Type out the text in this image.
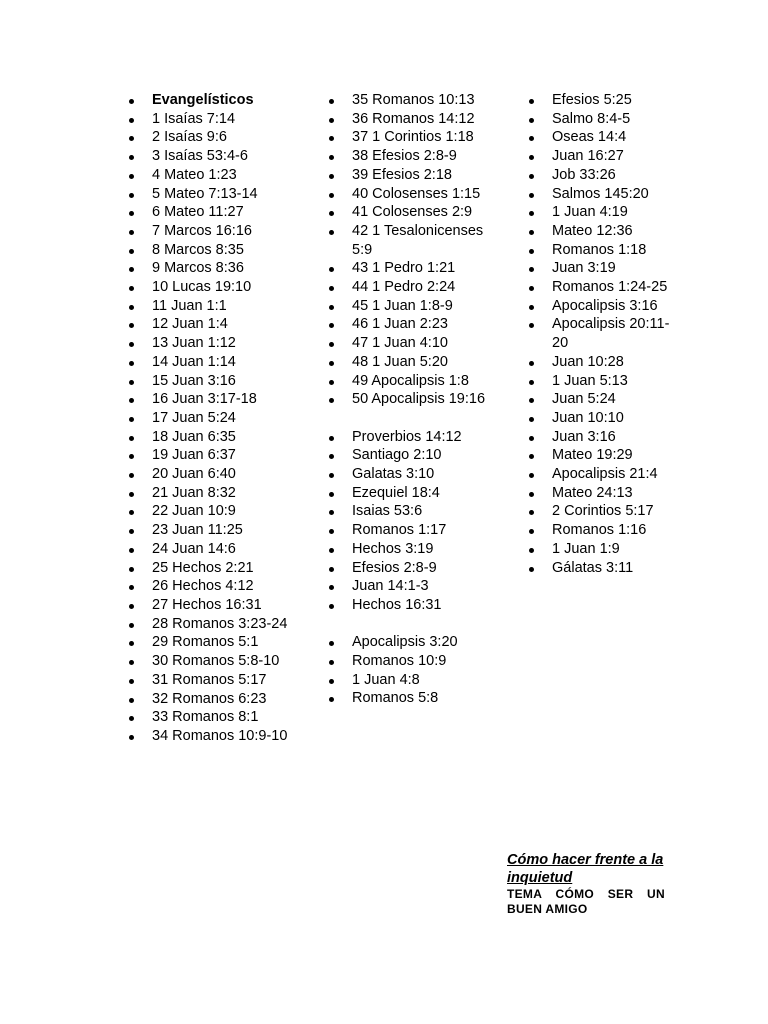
Evangelísticos
1 Isaías 7:14
2 Isaías 9:6
3 Isaías 53:4-6
4 Mateo 1:23
5 Mateo 7:13-14
6 Mateo 11:27
7 Marcos 16:16
8 Marcos 8:35
9 Marcos 8:36
10 Lucas 19:10
11 Juan 1:1
12 Juan 1:4
13 Juan 1:12
14 Juan 1:14
15 Juan 3:16
16 Juan 3:17-18
17 Juan 5:24
18 Juan 6:35
19 Juan 6:37
20 Juan 6:40
21 Juan 8:32
22 Juan 10:9
23 Juan 11:25
24 Juan 14:6
25 Hechos 2:21
26 Hechos 4:12
27 Hechos 16:31
28 Romanos 3:23-24
29 Romanos 5:1
30 Romanos 5:8-10
31 Romanos 5:17
32 Romanos 6:23
33 Romanos 8:1
34 Romanos 10:9-10
35 Romanos 10:13
36 Romanos 14:12
37 1 Corintios 1:18
38 Efesios 2:8-9
39 Efesios 2:18
40 Colosenses 1:15
41 Colosenses 2:9
42 1 Tesalonicenses 5:9
43 1 Pedro 1:21
44 1 Pedro 2:24
45 1 Juan 1:8-9
46 1 Juan 2:23
47 1 Juan 4:10
48 1 Juan 5:20
49 Apocalipsis 1:8
50 Apocalipsis 19:16
Proverbios 14:12
Santiago 2:10
Galatas 3:10
Ezequiel 18:4
Isaias 53:6
Romanos 1:17
Hechos 3:19
Efesios 2:8-9
Juan 14:1-3
Hechos 16:31
Apocalipsis 3:20
Romanos 10:9
1 Juan 4:8
Romanos 5:8
Efesios 5:25
Salmo 8:4-5
Oseas 14:4
Juan 16:27
Job 33:26
Salmos 145:20
1 Juan 4:19
Mateo 12:36
Romanos 1:18
Juan 3:19
Romanos 1:24-25
Apocalipsis 3:16
Apocalipsis 20:11-20
Juan 10:28
1 Juan 5:13
Juan 5:24
Juan 10:10
Juan 3:16
Mateo 19:29
Apocalipsis 21:4
Mateo 24:13
2 Corintios 5:17
Romanos 1:16
1 Juan 1:9
Gálatas 3:11
Cómo hacer frente a la inquietud
TEMA CÓMO SER UN BUEN AMIGO
